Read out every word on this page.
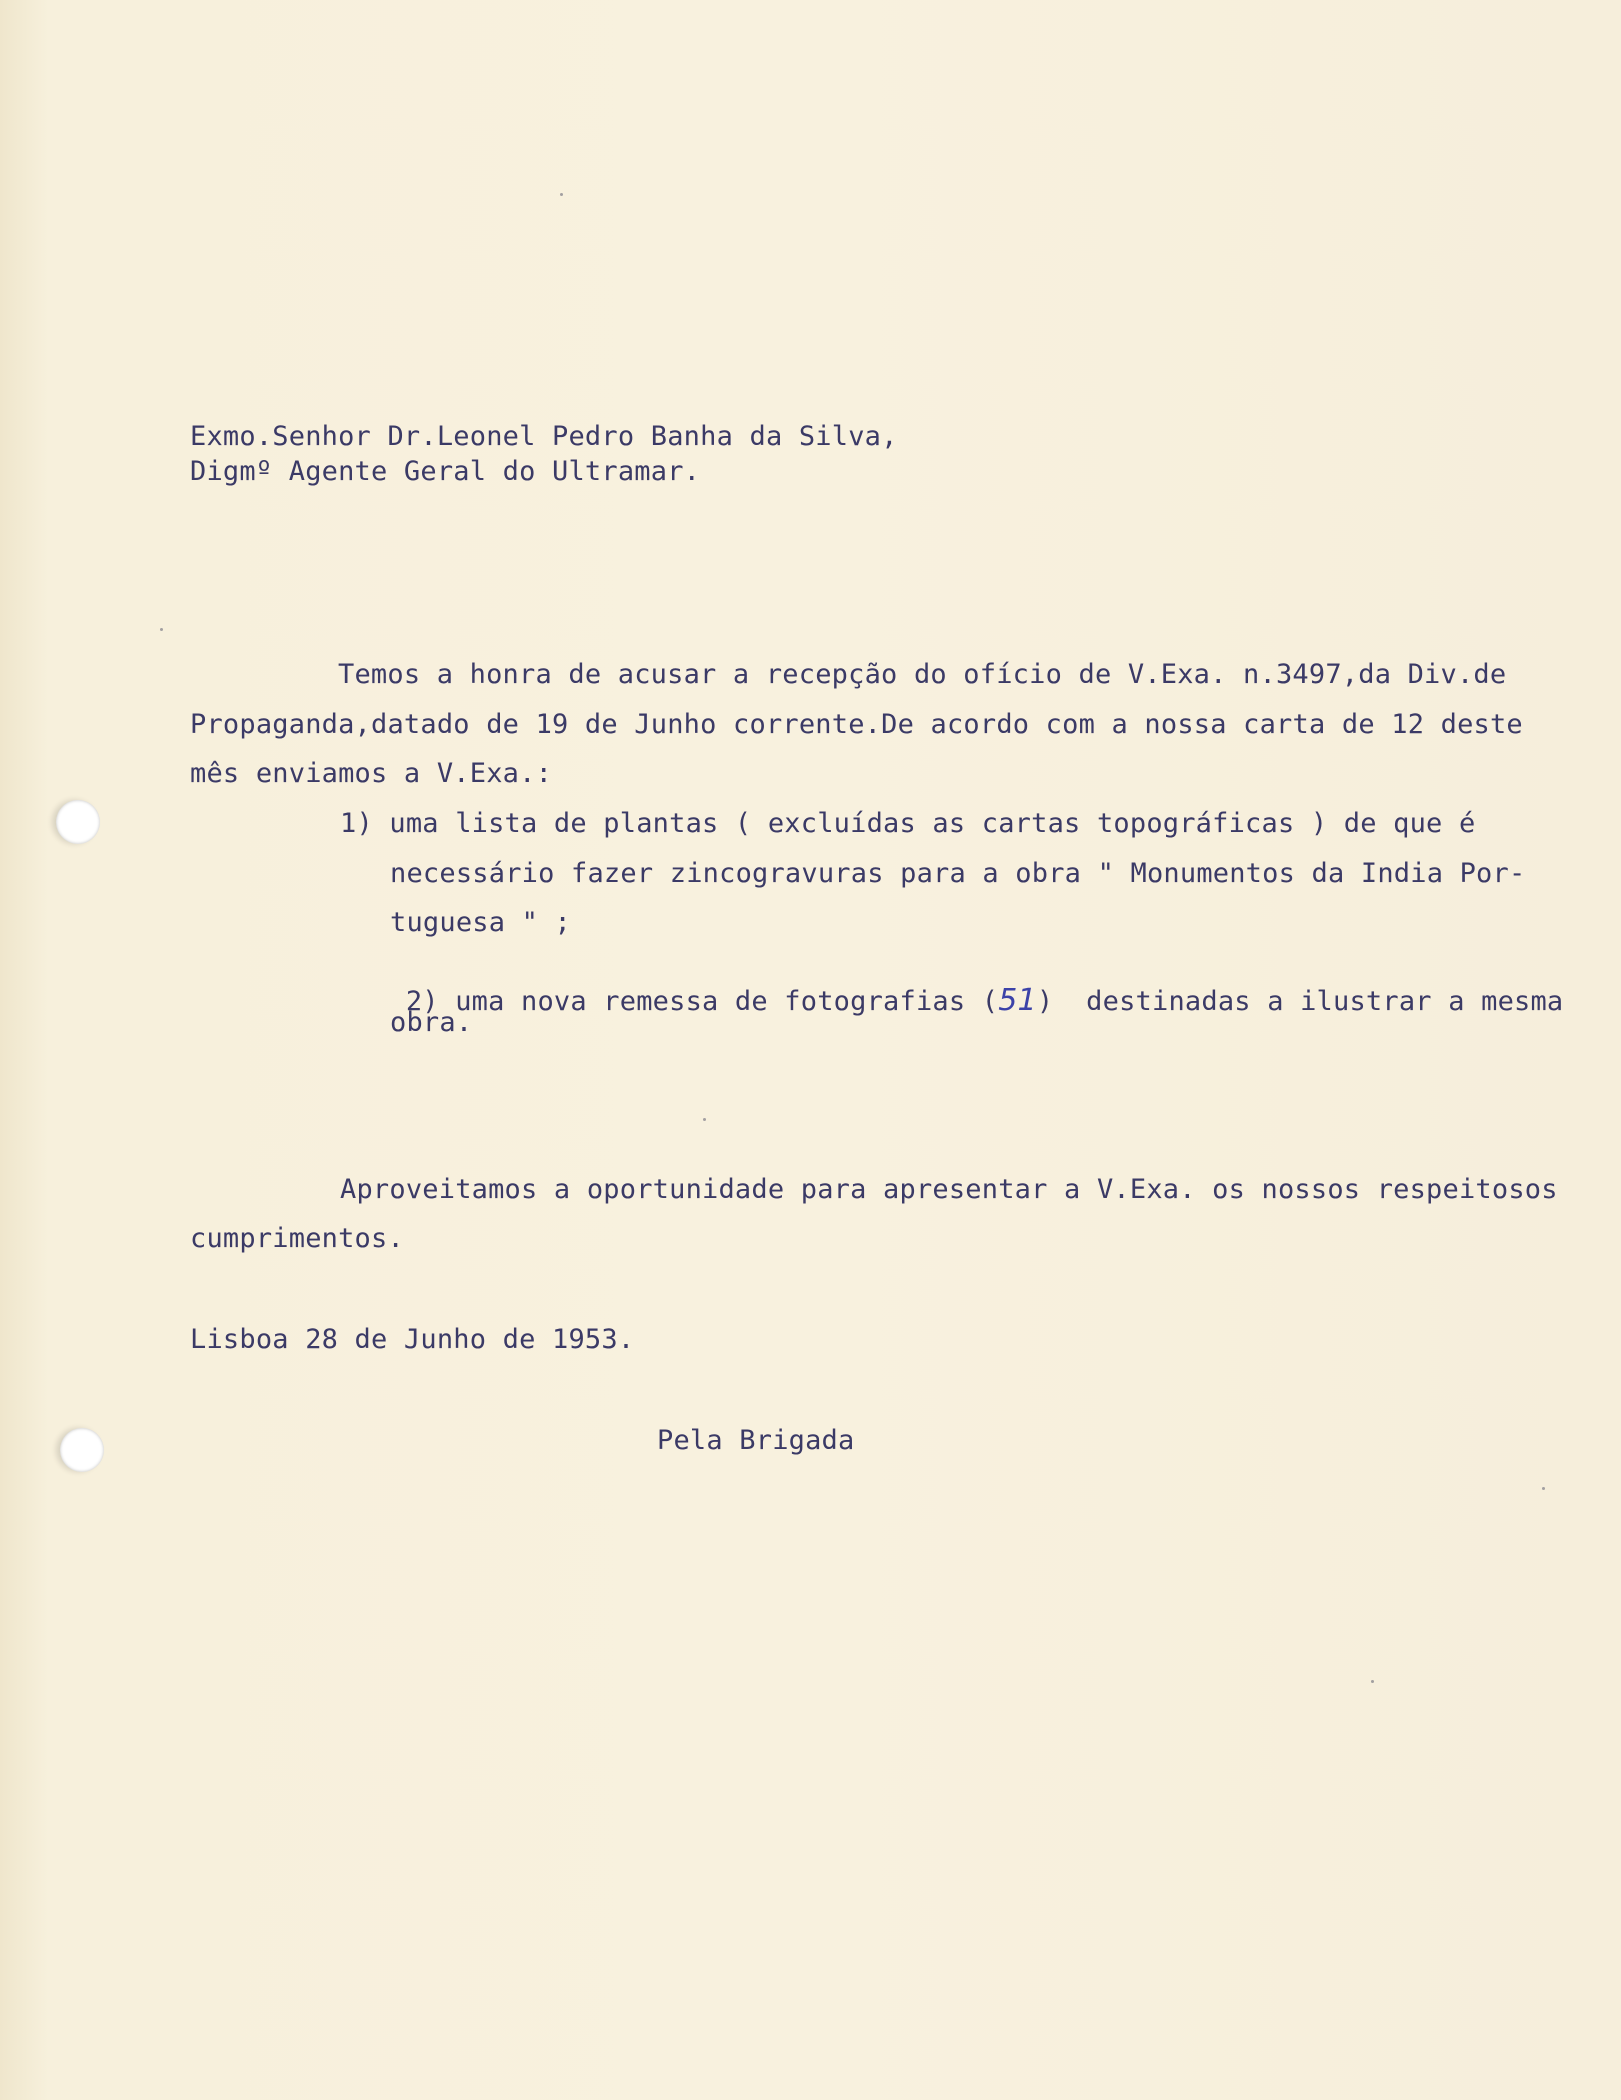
Exmo.Senhor Dr.Leonel Pedro Banha da Silva,
Digmº Agente Geral do Ultramar.
Temos a honra de acusar a recepção do ofício de V.Exa. n.3497,da Div.de
Propaganda,datado de 19 de Junho corrente.De acordo com a nossa carta de 12 deste
mês enviamos a V.Exa.:
1) uma lista de plantas ( excluídas as cartas topográficas ) de que é
necessário fazer zincogravuras para a obra " Monumentos da India Por-
tuguesa " ;

2) uma nova remessa de fotografias (51)  destinadas a ilustrar a mesma

obra.
Aproveitamos a oportunidade para apresentar a V.Exa. os nossos respeitosos
cumprimentos.
Lisboa 28 de Junho de 1953.
Pela Brigada
